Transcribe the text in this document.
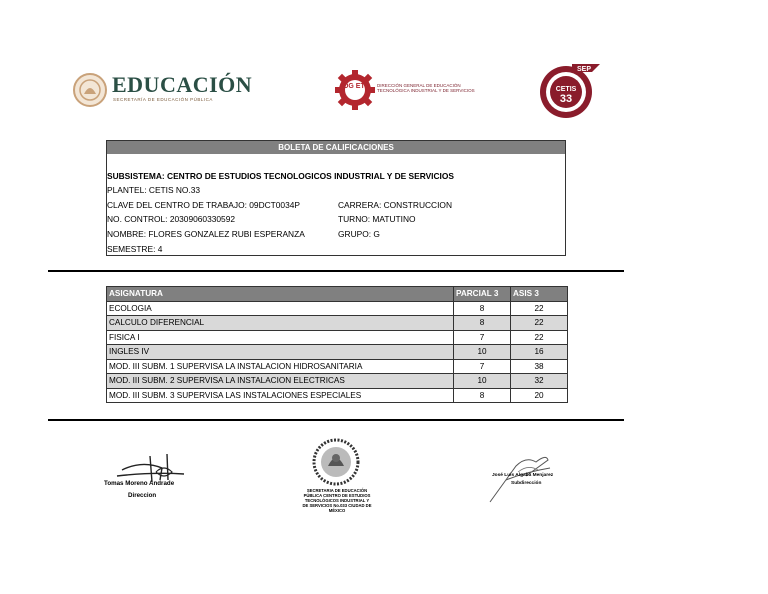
EDUCACIÓN
SECRETARÍA DE EDUCACIÓN PÚBLICA
DG ETI DIRECCIÓN GENERAL DE EDUCACIÓN
TECNOLÓGICA INDUSTRIAL Y DE SERVICIOS
SEP
CETIS
33
BOLETA DE CALIFICACIONES
SUBSISTEMA: CENTRO DE ESTUDIOS TECNOLOGICOS INDUSTRIAL Y DE SERVICIOS
PLANTEL: CETIS NO.33
CLAVE DEL CENTRO DE TRABAJO: 09DCT0034P	CARRERA: CONSTRUCCION
NO. CONTROL: 20309060330592	TURNO: MATUTINO
NOMBRE: FLORES GONZALEZ RUBI ESPERANZA	GRUPO: G
SEMESTRE: 4
ASIGNATURA	PARCIAL 3	ASIS 3
ECOLOGIA	8	22
CALCULO DIFERENCIAL	8	22
FISICA I	7	22
INGLES IV	10	16
MOD. III SUBM. 1 SUPERVISA LA INSTALACION HIDROSANITARIA	7	38
MOD. III SUBM. 2 SUPERVISA LA INSTALACION ELECTRICAS	10	32
MOD. III SUBM. 3 SUPERVISA LAS INSTALACIONES ESPECIALES	8	20
Tomas Moreno Andrade
Direccion
SECRETARIA DE EDUCACIÓN PÚBLICA CENTRO DE ESTUDIOS TECNOLÓGICOS INDUSTRIAL Y DE SERVICIOS No.033 CIUDAD DE MÉXICO
José Luis Algaba Menjarez
Subdirección
